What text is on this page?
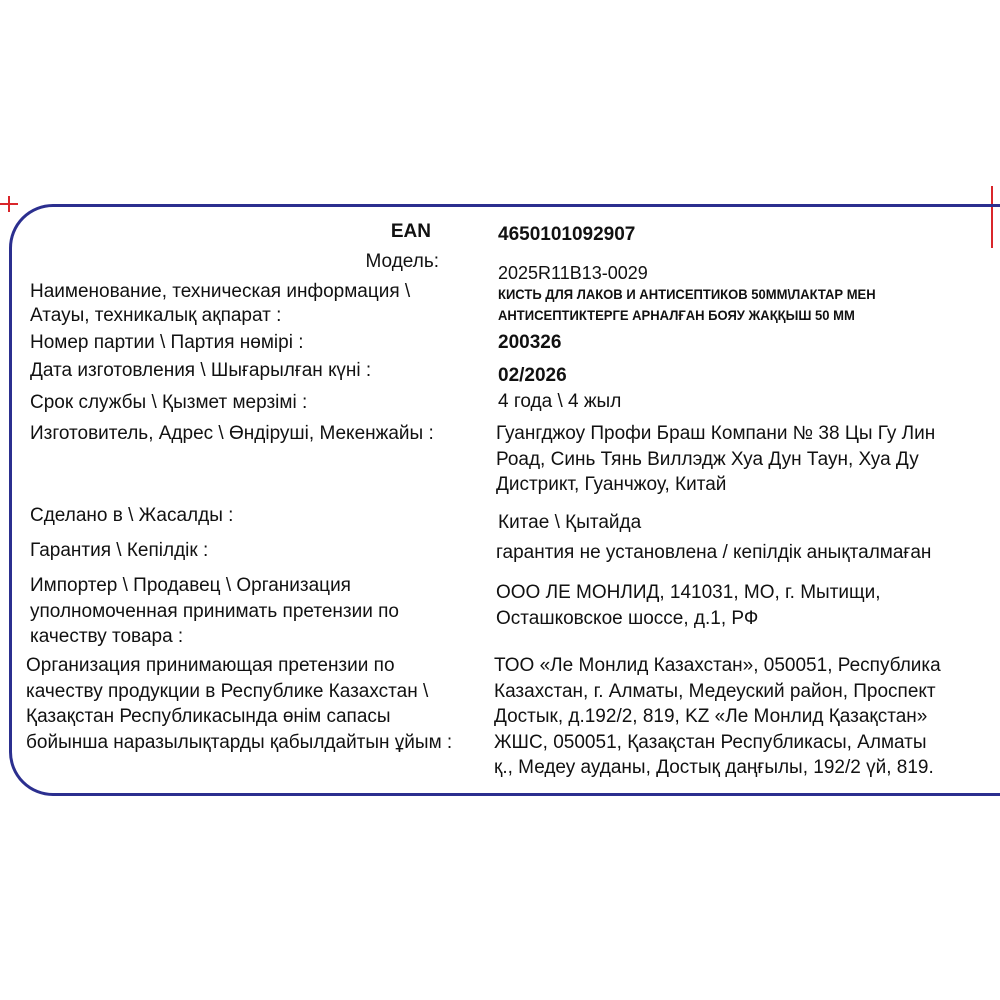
EAN	4650101092907
Модель:
2025R11B13-0029
Наименование, техническая информация \
Атауы, техникалық ақпарат :
КИСТЬ ДЛЯ ЛАКОВ И АНТИСЕПТИКОВ 50ММ\ЛАКТАР МЕН
АНТИСЕПТИКТЕРГЕ АРНАЛҒАН БОЯУ ЖАҚҚЫШ 50 ММ
Номер партии \ Партия нөмірі :	200326
Дата изготовления \ Шығарылған күні :	02/2026
Срок службы \ Қызмет мерзімі :	4 года \ 4 жыл
Изготовитель, Адрес \ Өндіруші, Мекенжайы :	Гуангджоу Профи Браш Компани № 38 Цы Гу Лин
Роад, Синь Тянь Виллэдж Хуа Дун Таун, Хуа Ду
Дистрикт, Гуанчжоу, Китай
Сделано в \ Жасалды :	Китае \ Қытайда
Гарантия \ Кепілдік :	гарантия не установлена / кепілдік анықталмаған
Импортер \ Продавец \ Организация
уполномоченная принимать претензии по
качеству товара :
ООО ЛЕ МОНЛИД, 141031, МО, г. Мытищи,
Осташковское шоссе, д.1, РФ
Организация принимающая претензии по
качеству продукции в Республике Казахстан \
Қазақстан Республикасында өнім сапасы
бойынша наразылықтарды қабылдайтын ұйым :
ТОО «Ле Монлид Казахстан», 050051, Республика
Казахстан, г. Алматы, Медеуский район, Проспект
Достык, д.192/2, 819, KZ «Ле Монлид Қазақстан»
ЖШС, 050051, Қазақстан Республикасы, Алматы
қ., Медеу ауданы, Достық даңғылы, 192/2 үй, 819.
